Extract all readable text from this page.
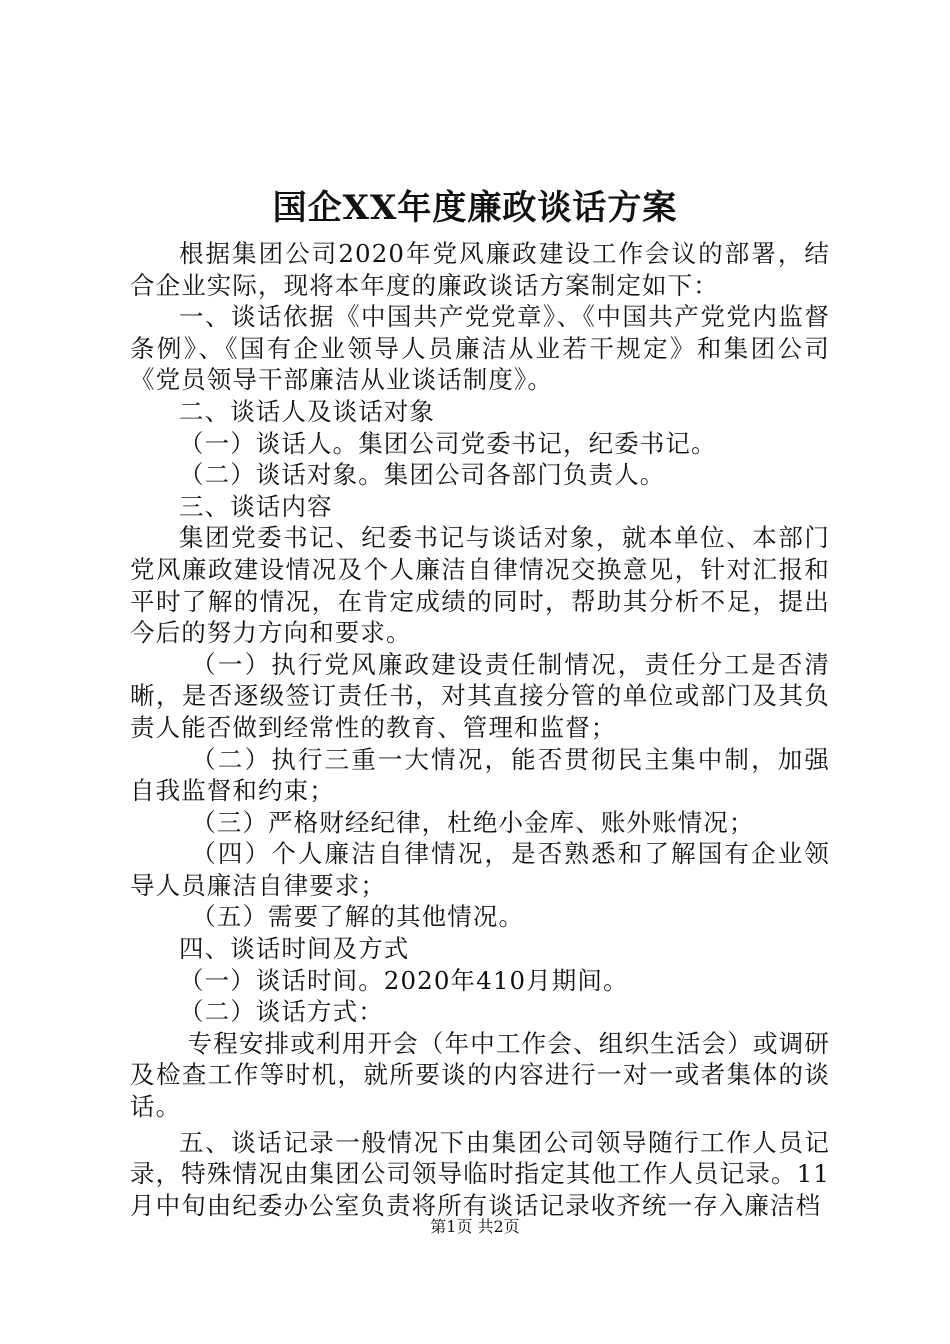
国企XX年度廉政谈话方案

根据集团公司2020年党风廉政建设工作会议的部署，结合企业实际，现将本年度的廉政谈话方案制定如下：

一、谈话依据《中国共产党党章》、《中国共产党党内监督条例》、《国有企业领导人员廉洁从业若干规定》和集团公司《党员领导干部廉洁从业谈话制度》。

二、谈话人及谈话对象

（一）谈话人。集团公司党委书记，纪委书记。

（二）谈话对象。集团公司各部门负责人。

三、谈话内容

集团党委书记、纪委书记与谈话对象，就本单位、本部门党风廉政建设情况及个人廉洁自律情况交换意见，针对汇报和平时了解的情况，在肯定成绩的同时，帮助其分析不足，提出今后的努力方向和要求。

（一）执行党风廉政建设责任制情况，责任分工是否清晰，是否逐级签订责任书，对其直接分管的单位或部门及其负责人能否做到经常性的教育、管理和监督；

（二）执行三重一大情况，能否贯彻民主集中制，加强自我监督和约束；

（三）严格财经纪律，杜绝小金库、账外账情况；

（四）个人廉洁自律情况，是否熟悉和了解国有企业领导人员廉洁自律要求；

（五）需要了解的其他情况。

四、谈话时间及方式

（一）谈话时间。2020年410月期间。

（二）谈话方式：

专程安排或利用开会（年中工作会、组织生活会）或调研及检查工作等时机，就所要谈的内容进行一对一或者集体的谈话。

五、谈话记录一般情况下由集团公司领导随行工作人员记录，特殊情况由集团公司领导临时指定其他工作人员记录。11月中旬由纪委办公室负责将所有谈话记录收齐统一存入廉洁档

第1页 共2页
